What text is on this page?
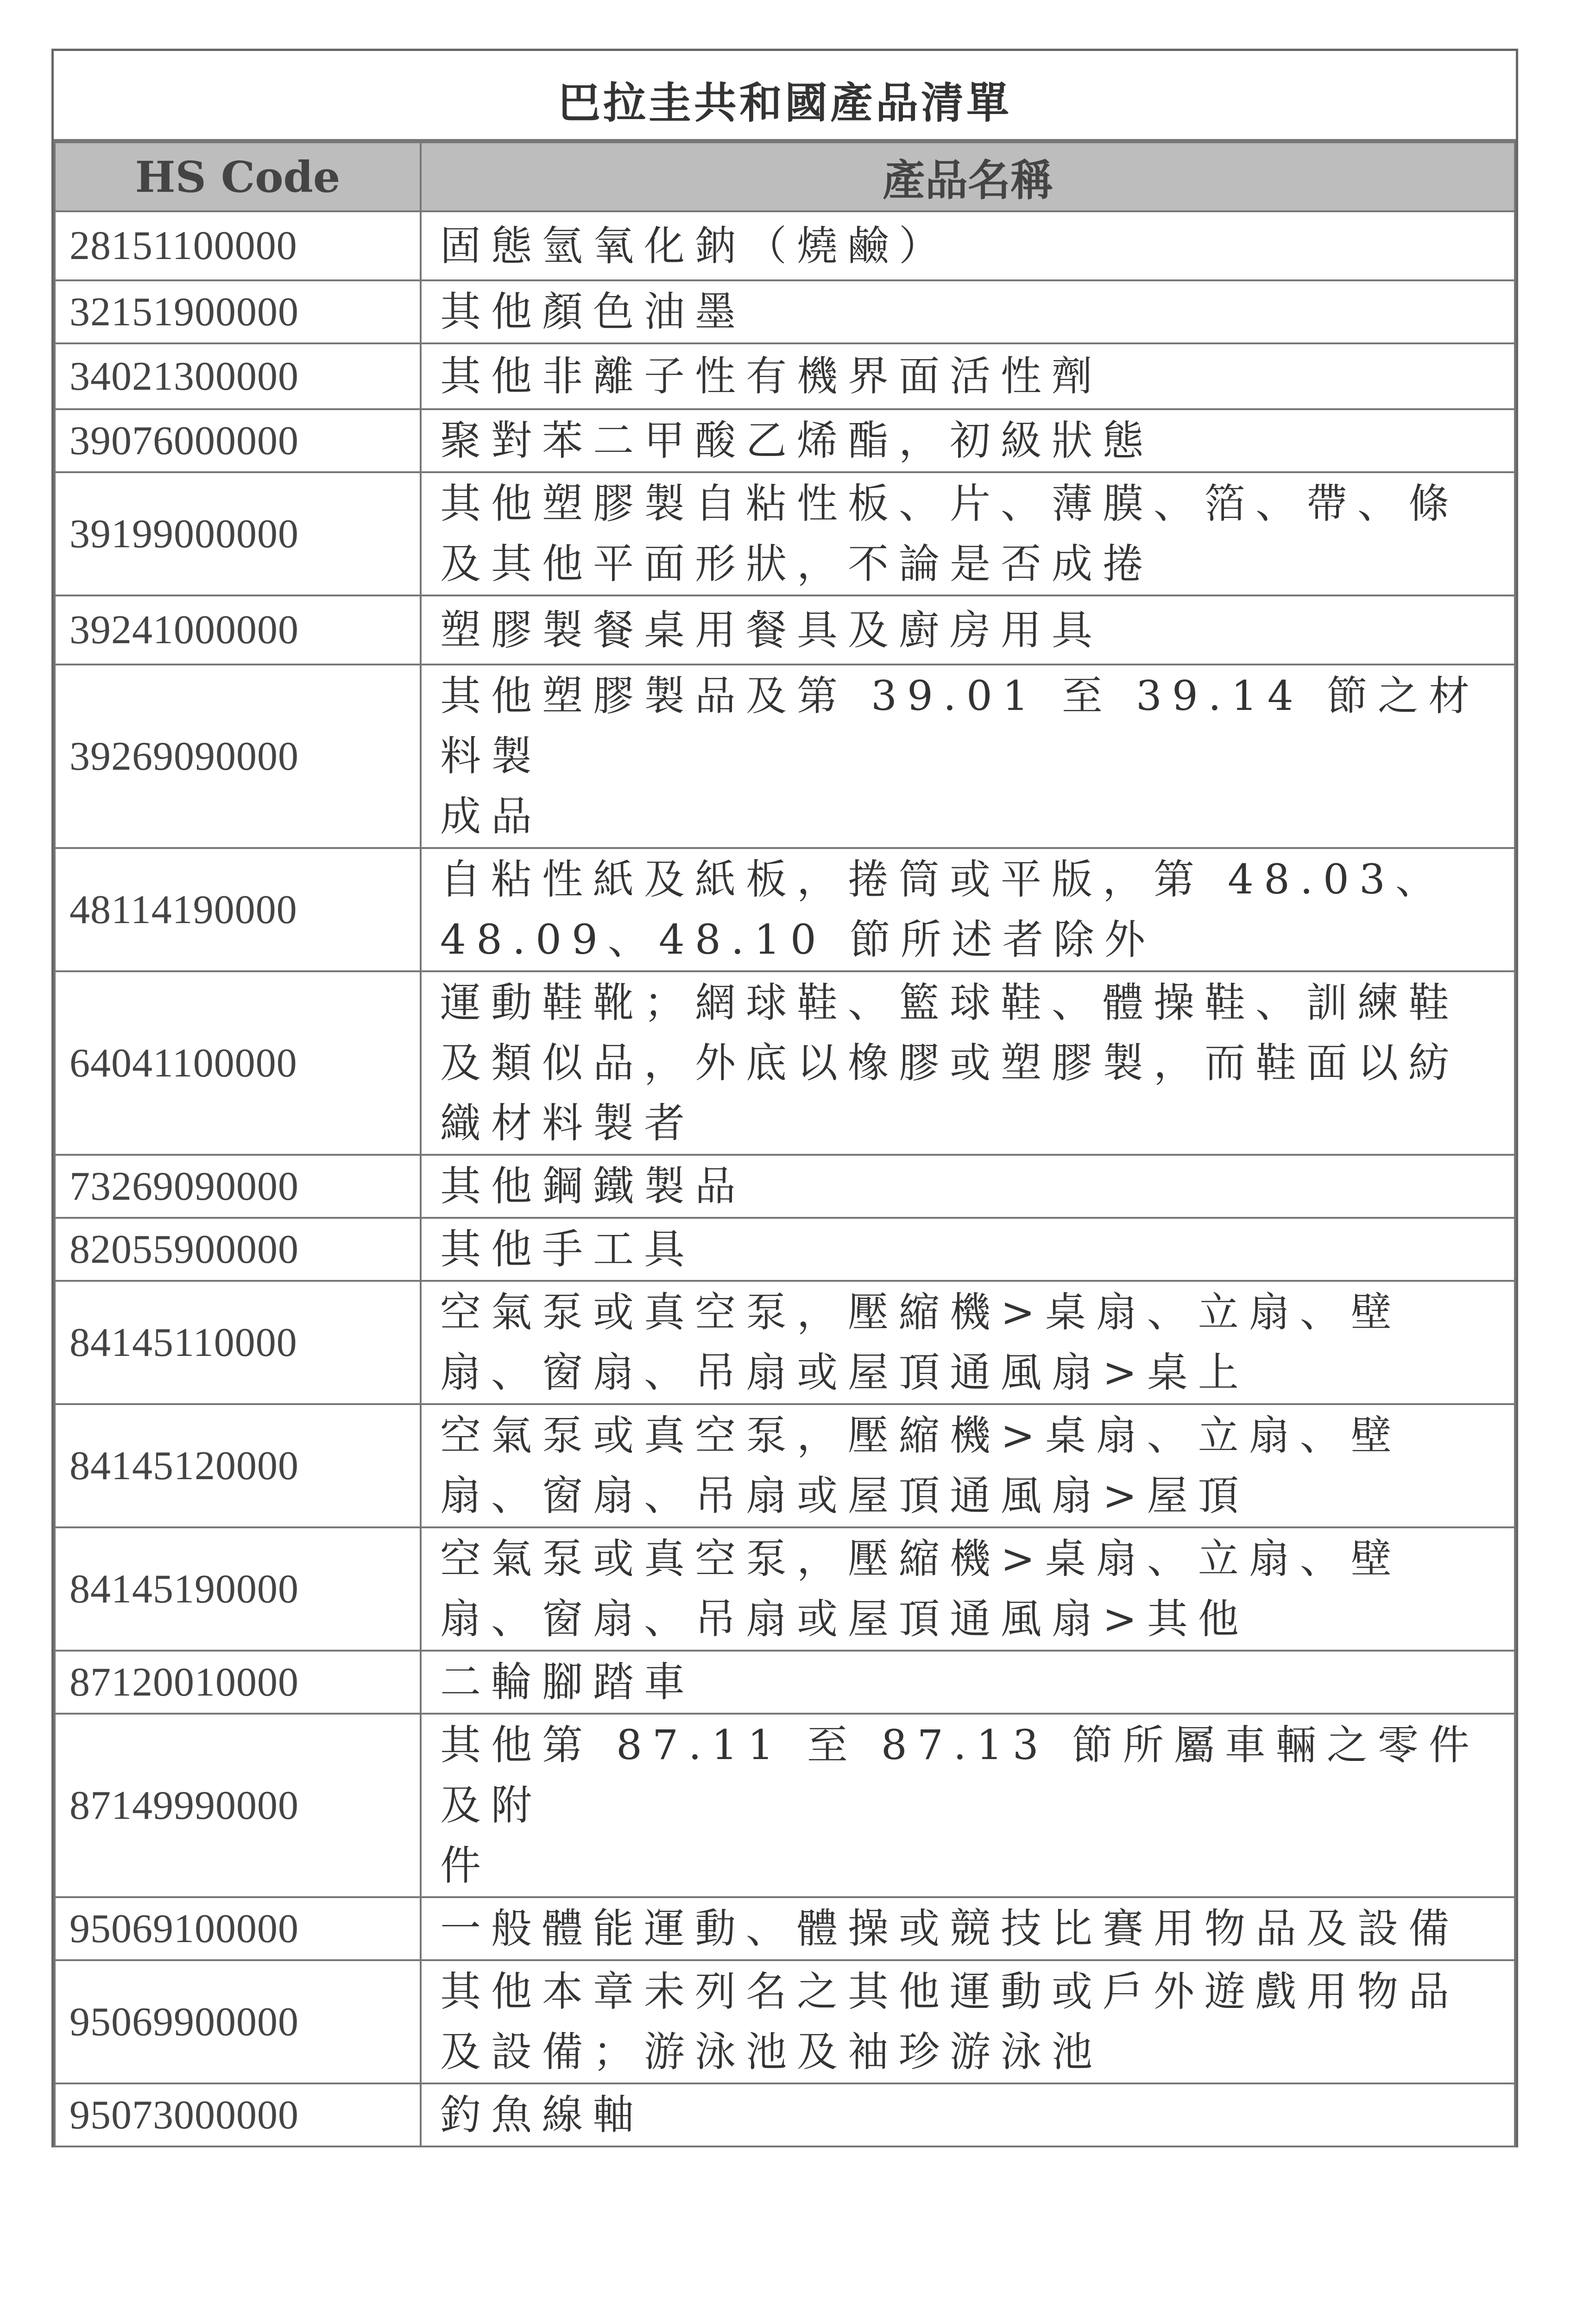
巴拉圭共和國產品清單
HS Code	產品名稱
28151100000	固態氫氧化鈉（燒鹼）
32151900000	其他顏色油墨
34021300000	其他非離子性有機界面活性劑
39076000000	聚對苯二甲酸乙烯酯，初級狀態
39199000000	其他塑膠製自粘性板、片、薄膜、箔、帶、條
及其他平面形狀，不論是否成捲
39241000000	塑膠製餐桌用餐具及廚房用具
39269090000	其他塑膠製品及第 39.01 至 39.14 節之材料製
成品
48114190000	自粘性紙及紙板，捲筒或平版，第 48.03、
48.09、48.10 節所述者除外
64041100000	運動鞋靴；網球鞋、籃球鞋、體操鞋、訓練鞋
及類似品，外底以橡膠或塑膠製，而鞋面以紡
織材料製者
73269090000	其他鋼鐵製品
82055900000	其他手工具
84145110000	空氣泵或真空泵，壓縮機>桌扇、立扇、壁
扇、窗扇、吊扇或屋頂通風扇>桌上
84145120000	空氣泵或真空泵，壓縮機>桌扇、立扇、壁
扇、窗扇、吊扇或屋頂通風扇>屋頂
84145190000	空氣泵或真空泵，壓縮機>桌扇、立扇、壁
扇、窗扇、吊扇或屋頂通風扇>其他
87120010000	二輪腳踏車
87149990000	其他第 87.11 至 87.13 節所屬車輛之零件及附
件
95069100000	一般體能運動、體操或競技比賽用物品及設備
95069900000	其他本章未列名之其他運動或戶外遊戲用物品
及設備；游泳池及袖珍游泳池
95073000000	釣魚線軸
